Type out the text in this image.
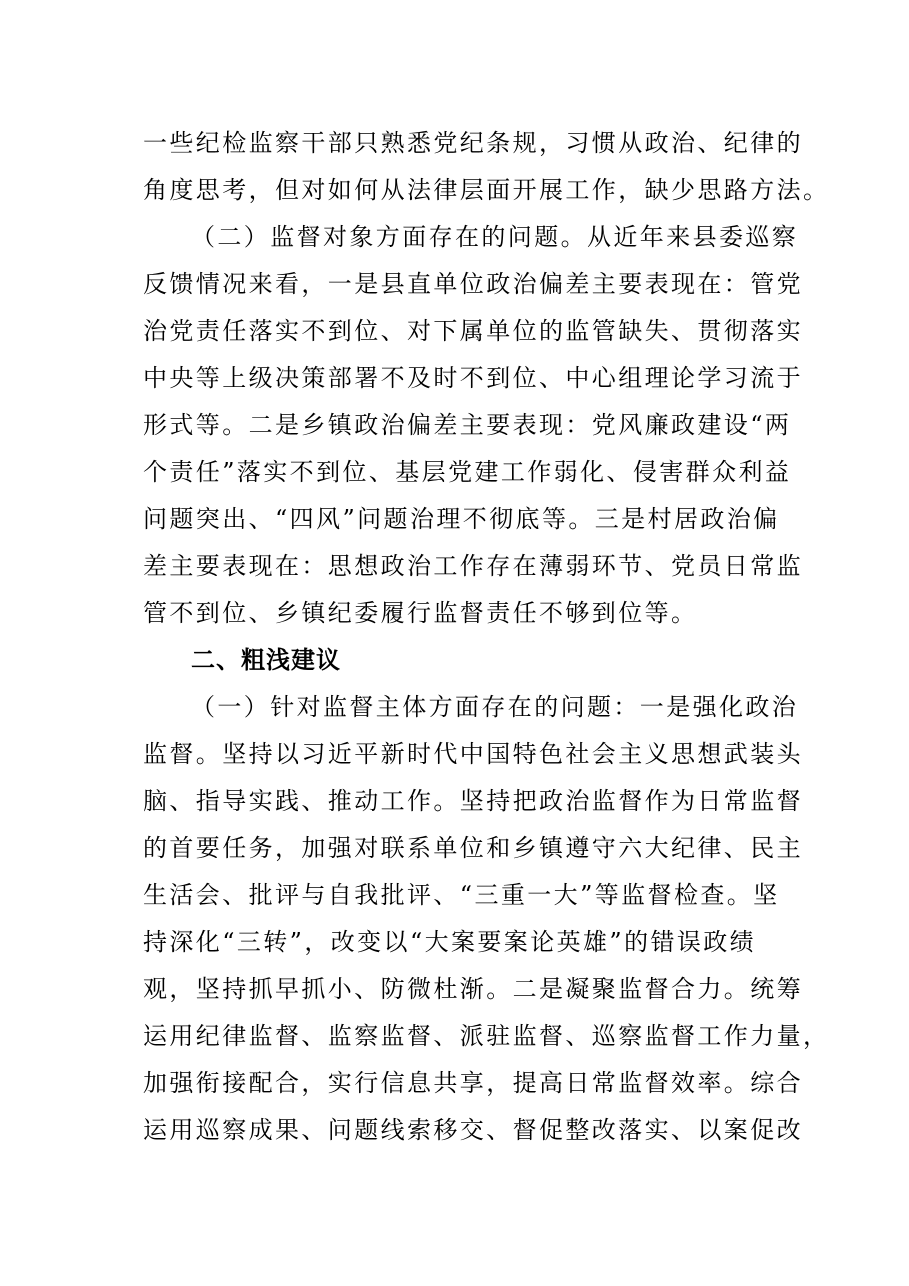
一些纪检监察干部只熟悉党纪条规，习惯从政治、纪律的
角度思考，但对如何从法律层面开展工作，缺少思路方法。
（二）监督对象方面存在的问题。从近年来县委巡察
反馈情况来看，一是县直单位政治偏差主要表现在：管党
治党责任落实不到位、对下属单位的监管缺失、贯彻落实
中央等上级决策部署不及时不到位、中心组理论学习流于
形式等。二是乡镇政治偏差主要表现：党风廉政建设“两
个责任”落实不到位、基层党建工作弱化、侵害群众利益
问题突出、“四风”问题治理不彻底等。三是村居政治偏
差主要表现在：思想政治工作存在薄弱环节、党员日常监
管不到位、乡镇纪委履行监督责任不够到位等。
二、粗浅建议
（一）针对监督主体方面存在的问题：一是强化政治
监督。坚持以习近平新时代中国特色社会主义思想武装头
脑、指导实践、推动工作。坚持把政治监督作为日常监督
的首要任务，加强对联系单位和乡镇遵守六大纪律、民主
生活会、批评与自我批评、“三重一大”等监督检查。坚
持深化“三转”，改变以“大案要案论英雄”的错误政绩
观，坚持抓早抓小、防微杜渐。二是凝聚监督合力。统筹
运用纪律监督、监察监督、派驻监督、巡察监督工作力量，
加强衔接配合，实行信息共享，提高日常监督效率。综合
运用巡察成果、问题线索移交、督促整改落实、以案促改
